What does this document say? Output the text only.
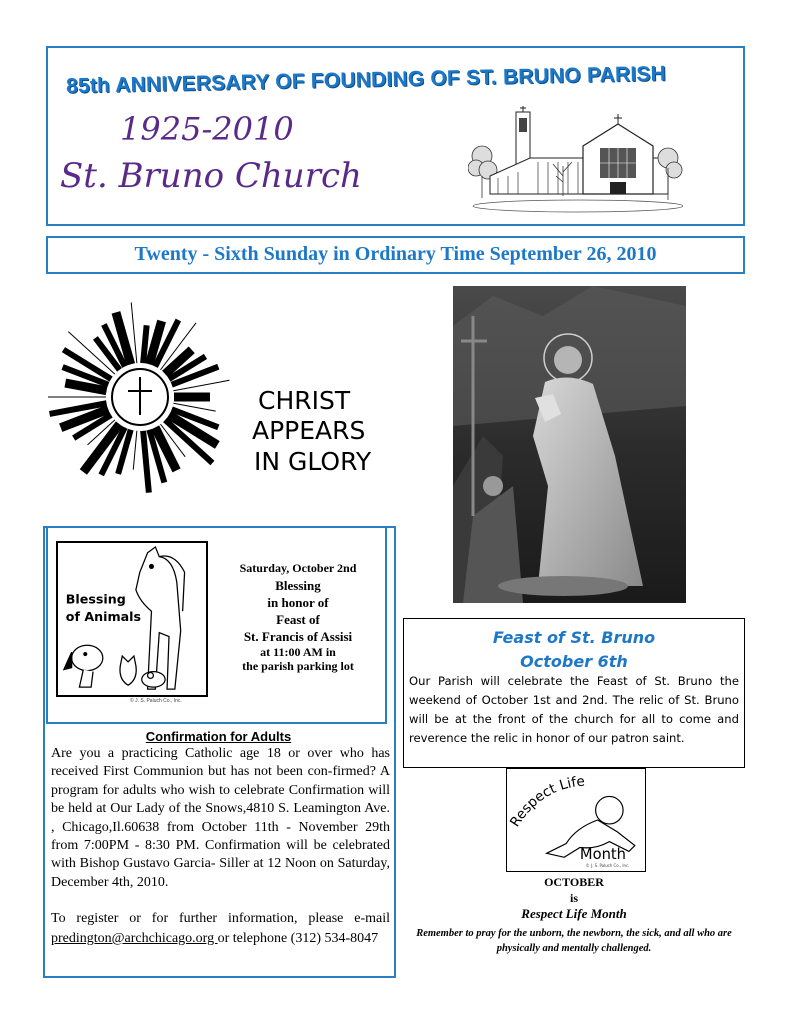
85th ANNIVERSARY OF FOUNDING OF ST. BRUNO PARISH
1925-2010
St. Bruno Church
Twenty - Sixth Sunday in Ordinary Time September 26, 2010
CHRIST
APPEARS
IN GLORY
Blessing
of Animals
© J. S. Paluch Co., Inc.
Saturday, October 2nd
Blessing
in honor of
Feast of
St. Francis of Assisi
at 11:00 AM in
the parish parking lot
Confirmation for Adults
Are you a practicing Catholic age 18 or over who has received First Communion but has not been con-firmed? A program for adults who wish to celebrate Confirmation will be held at Our Lady of the Snows,4810 S. Leamington Ave. , Chicago,Il.60638 from October 11th - November 29th from 7:00PM - 8:30 PM. Confirmation will be celebrated with Bishop Gustavo Garcia- Siller at 12 Noon on Saturday, December 4th, 2010.
To register or for further information, please e-mail predington@archchicago.org or telephone (312) 534-8047
Feast of St. Bruno
October 6th
Our Parish will celebrate the Feast of St. Bruno the weekend of October 1st and 2nd. The relic of St. Bruno will be at the front of the church for all to come and reverence the relic in honor of our patron saint.
Respect Life
Month
© J. S. Paluch Co., Inc.
OCTOBER
is
Respect Life Month
Remember to pray for the unborn, the newborn, the sick, and all who are physically and mentally challenged.
